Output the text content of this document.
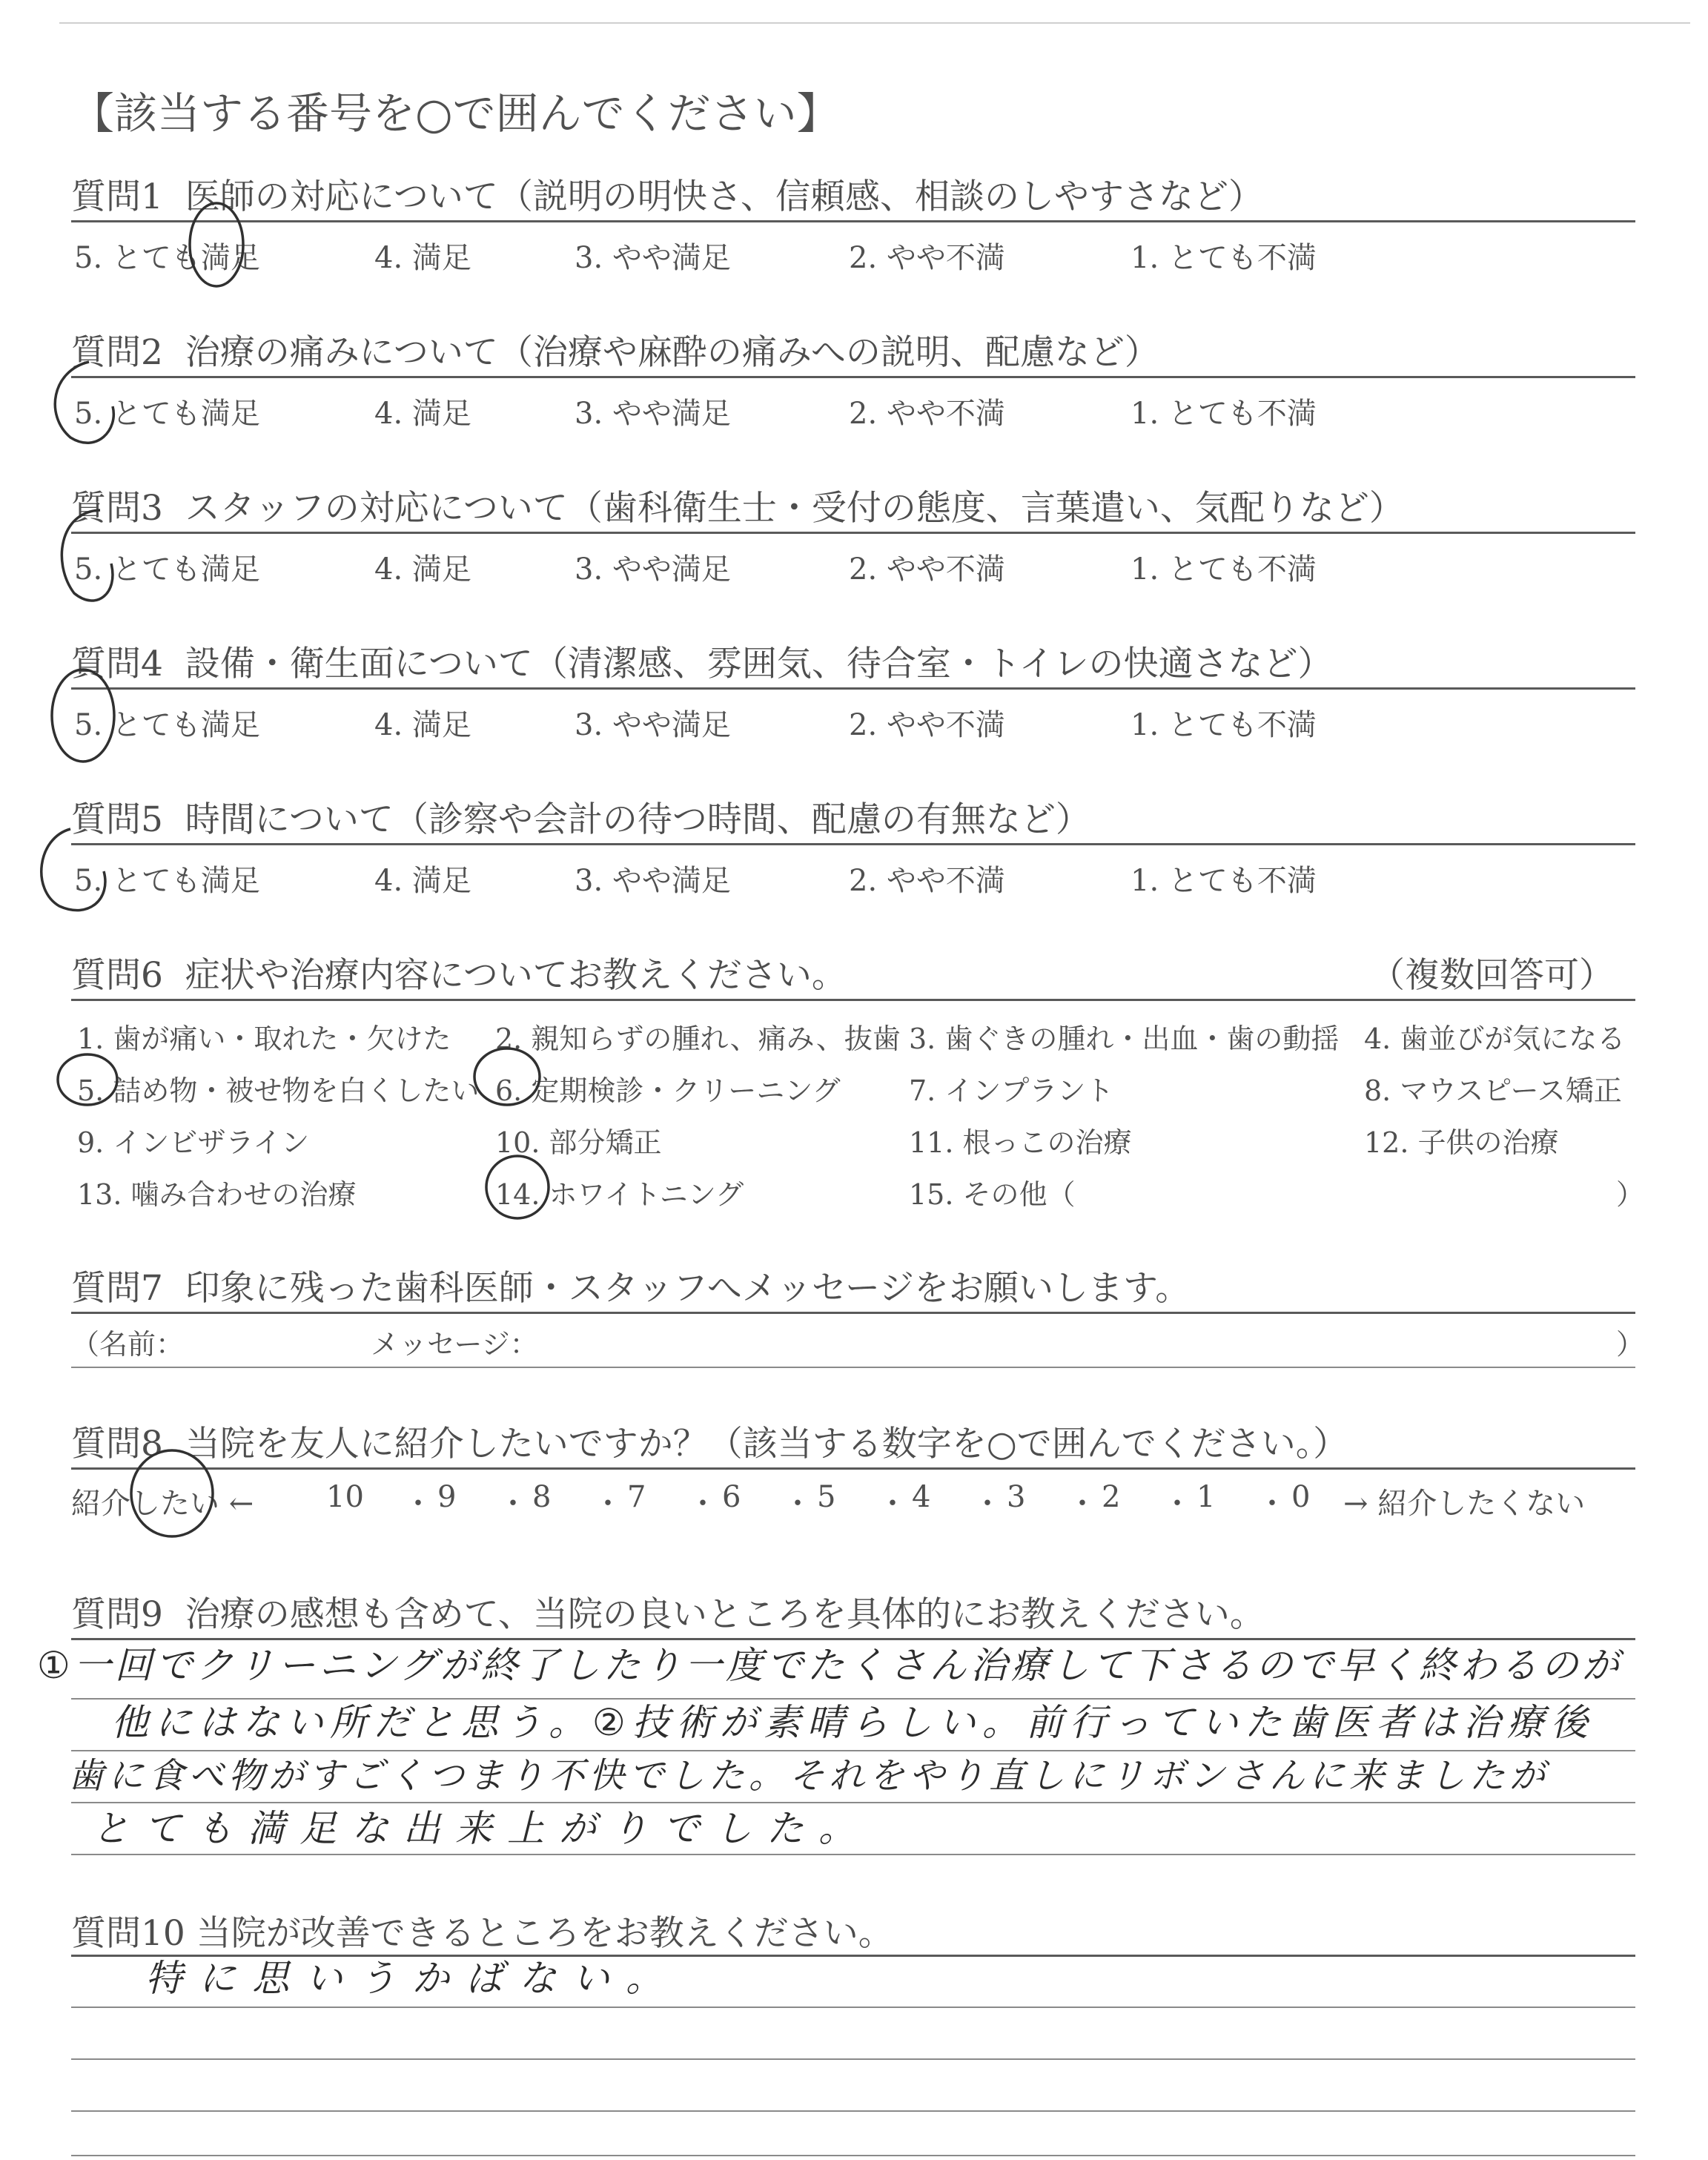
【該当する番号を○で囲んでください】
質問1 医師の対応について（説明の明快さ、信頼感、相談のしやすさなど）
5. とても満足	4. 満足	3. やや満足	2. やや不満	1. とても不満
質問2 治療の痛みについて（治療や麻酔の痛みへの説明、配慮など）
5. とても満足	4. 満足	3. やや満足	2. やや不満	1. とても不満
質問3 スタッフの対応について（歯科衛生士・受付の態度、言葉遣い、気配りなど）
5. とても満足	4. 満足	3. やや満足	2. やや不満	1. とても不満
質問4 設備・衛生面について（清潔感、雰囲気、待合室・トイレの快適さなど）
5. とても満足	4. 満足	3. やや満足	2. やや不満	1. とても不満
質問5 時間について（診察や会計の待つ時間、配慮の有無など）
5. とても満足	4. 満足	3. やや満足	2. やや不満	1. とても不満
質問6 症状や治療内容についてお教えください。	（複数回答可）
1. 歯が痛い・取れた・欠けた 2. 親知らずの腫れ、痛み、抜歯 3. 歯ぐきの腫れ・出血・歯の動揺 4. 歯並びが気になる
5. 詰め物・被せ物を白くしたい 6. 定期検診・クリーニング 7. インプラント	8. マウスピース矯正
9. インビザライン	10. 部分矯正	11. 根っこの治療	12. 子供の治療
13. 噛み合わせの治療	14. ホワイトニング	15. その他（	）
質問7 印象に残った歯科医師・スタッフへメッセージをお願いします。
（名前：	メッセージ：	）
質問8 当院を友人に紹介したいですか？（該当する数字を○で囲んでください。）
紹介したい ← 10 ・ 9 ・ 8 ・ 7 ・ 6 ・ 5 ・ 4 ・ 3 ・ 2 ・ 1 ・ 0 → 紹介したくない
質問9 治療の感想も含めて、当院の良いところを具体的にお教えください。
①一回でクリーニングが終了したり一度でたくさん治療して下さるので早く終わるのが
他にはない所だと思う。②技術が素晴らしい。前行っていた歯医者は治療後
歯に食べ物がすごくつまり不快でした。それをやり直しにリボンさんに来ましたが
とても満足な出来上がりでした。
質問10 当院が改善できるところをお教えください。
特に思いうかばない。
